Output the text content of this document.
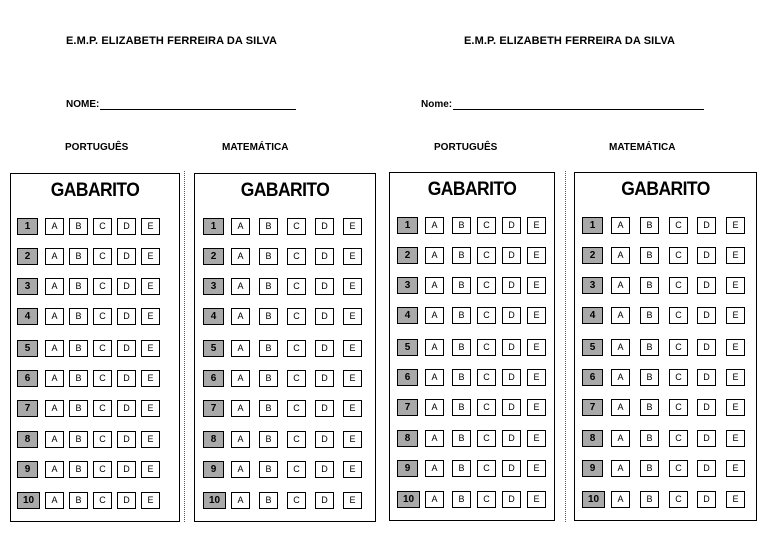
E.M.P. ELIZABETH FERREIRA DA SILVA	E.M.P. ELIZABETH FERREIRA DA SILVA
NOME:	Nome:
PORTUGUÊS	MATEMÁTICA	PORTUGUÊS	MATEMÁTICA
GABARITO
1	A	B	C	D	E
2	A	B	C	D	E
3	A	B	C	D	E
4	A	B	C	D	E
5	A	B	C	D	E
6	A	B	C	D	E
7	A	B	C	D	E
8	A	B	C	D	E
9	A	B	C	D	E
10	A	B	C	D	E
GABARITO
1	A	B	C	D	E
2	A	B	C	D	E
3	A	B	C	D	E
4	A	B	C	D	E
5	A	B	C	D	E
6	A	B	C	D	E
7	A	B	C	D	E
8	A	B	C	D	E
9	A	B	C	D	E
10	A	B	C	D	E
GABARITO
1	A	B	C	D	E
2	A	B	C	D	E
3	A	B	C	D	E
4	A	B	C	D	E
5	A	B	C	D	E
6	A	B	C	D	E
7	A	B	C	D	E
8	A	B	C	D	E
9	A	B	C	D	E
10	A	B	C	D	E
GABARITO
1	A	B	C	D	E
2	A	B	C	D	E
3	A	B	C	D	E
4	A	B	C	D	E
5	A	B	C	D	E
6	A	B	C	D	E
7	A	B	C	D	E
8	A	B	C	D	E
9	A	B	C	D	E
10	A	B	C	D	E
